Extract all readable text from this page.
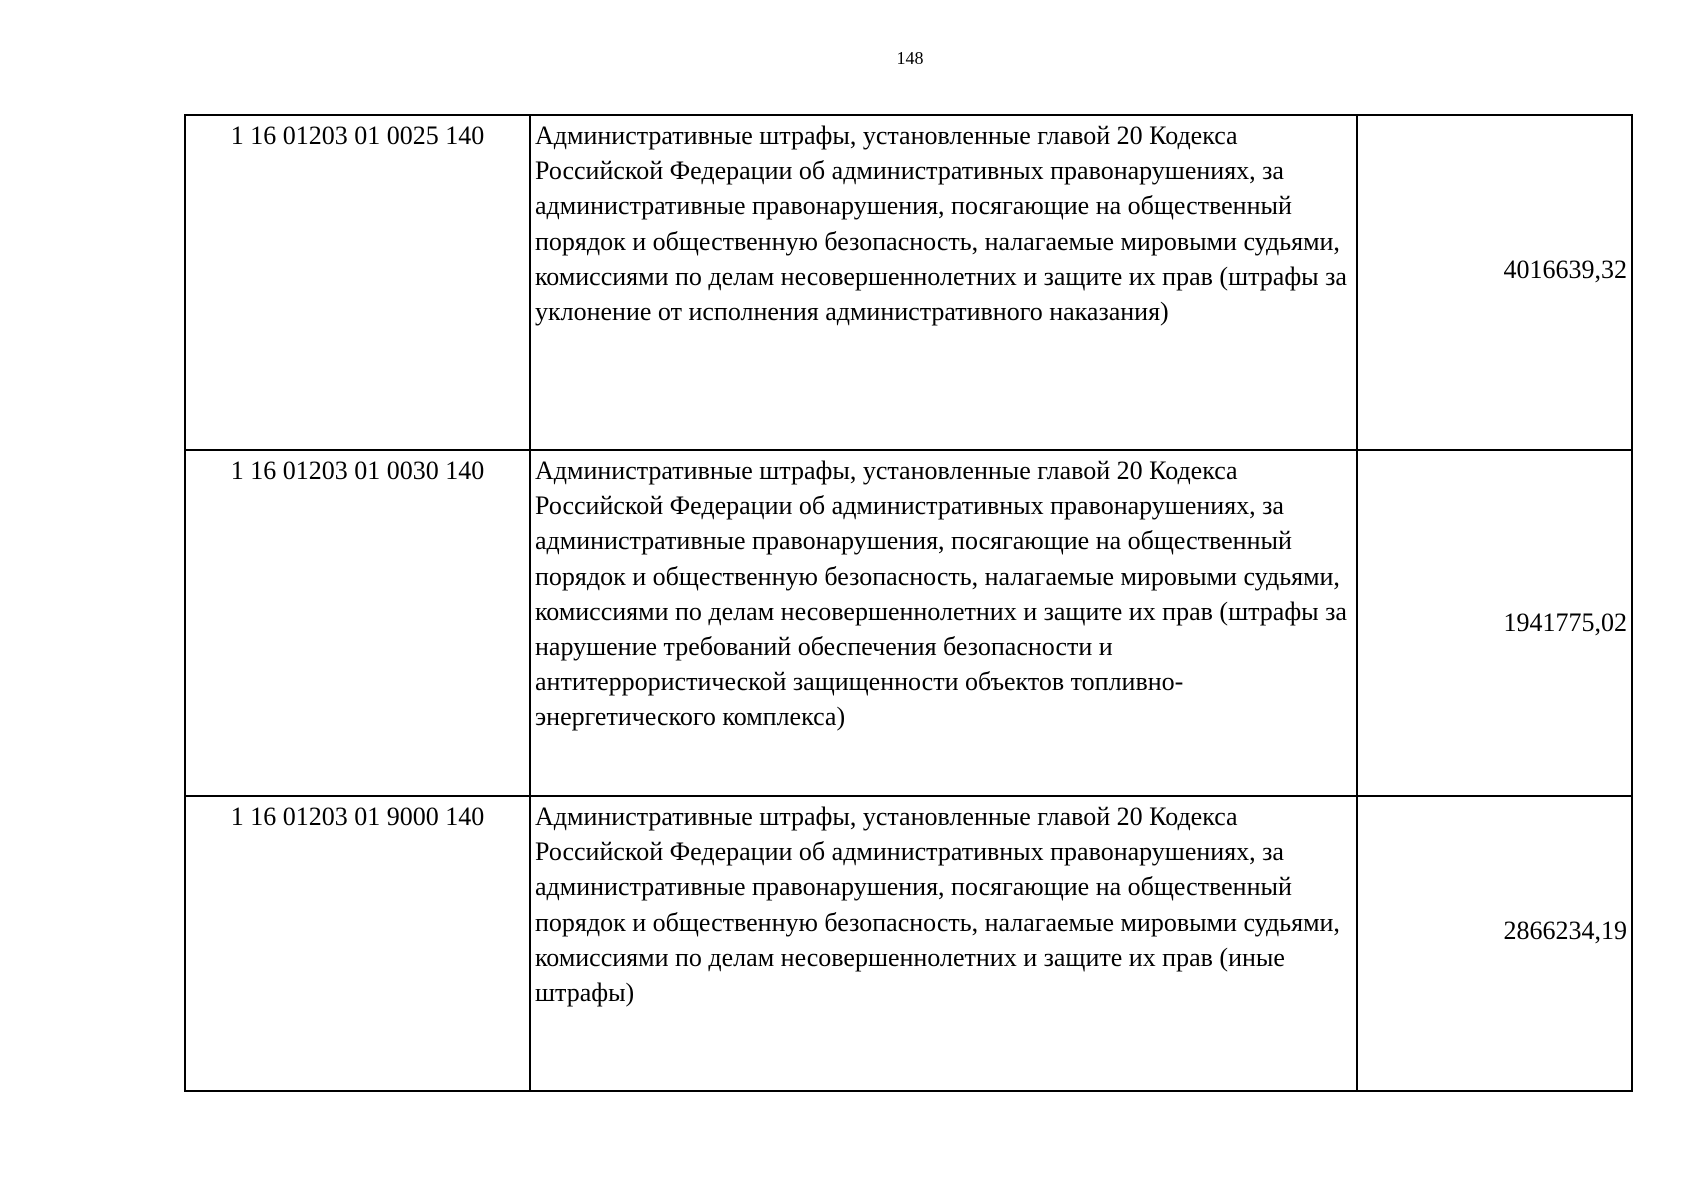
148
1 16 01203 01 0025 140	Административные штрафы, установленные главой 20 Кодекса Российской Федерации об административных правонарушениях, за административные правонарушения, посягающие на общественный порядок и общественную безопасность, налагаемые мировыми судьями, комиссиями по делам несовершеннолетних и защите их прав (штрафы за уклонение от исполнения административного наказания)	4016639,32
1 16 01203 01 0030 140	Административные штрафы, установленные главой 20 Кодекса Российской Федерации об административных правонарушениях, за административные правонарушения, посягающие на общественный порядок и общественную безопасность, налагаемые мировыми судьями, комиссиями по делам несовершеннолетних и защите их прав (штрафы за нарушение требований обеспечения безопасности и антитеррористической защищенности объектов топливно-энергетического комплекса)	1941775,02
1 16 01203 01 9000 140	Административные штрафы, установленные главой 20 Кодекса Российской Федерации об административных правонарушениях, за административные правонарушения, посягающие на общественный порядок и общественную безопасность, налагаемые мировыми судьями, комиссиями по делам несовершеннолетних и защите их прав (иные штрафы)	2866234,19
